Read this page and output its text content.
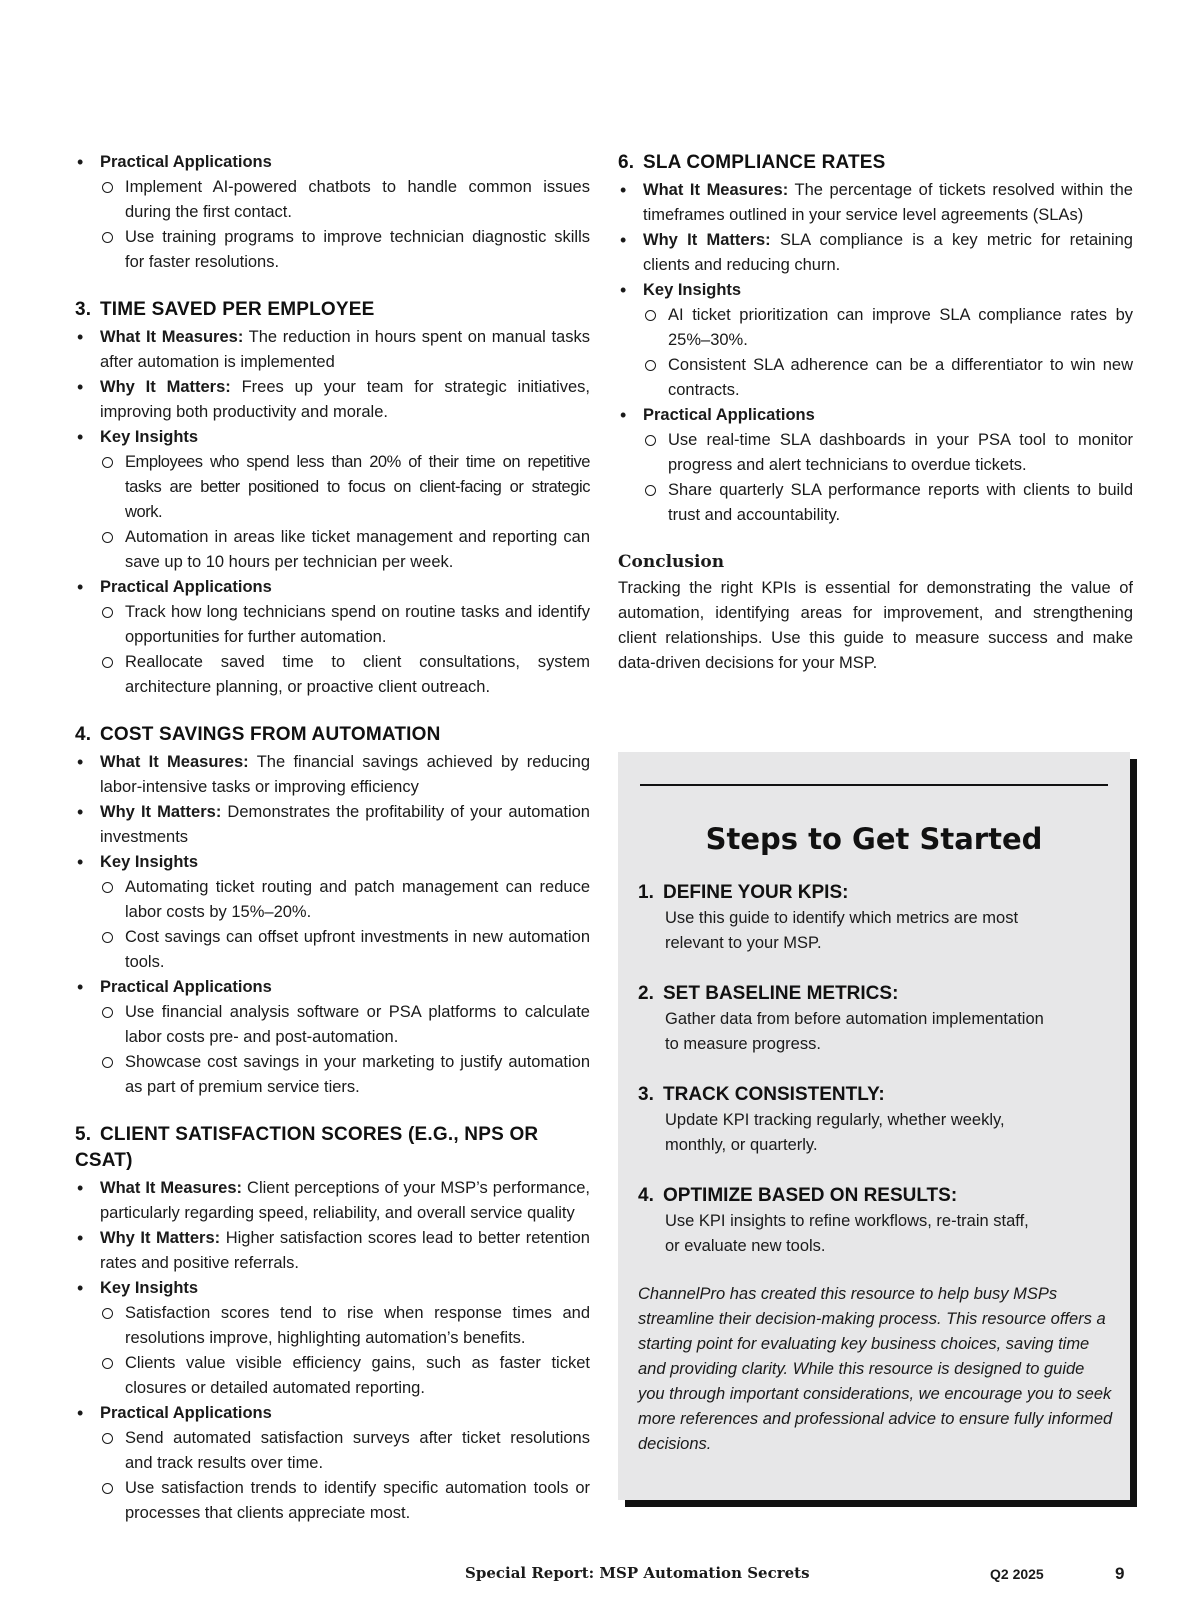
• Practical Applications
Implement AI-powered chatbots to handle common issues during the first contact.
Use training programs to improve technician diagnostic skills for faster resolutions.
3. TIME SAVED PER EMPLOYEE
• What It Measures: The reduction in hours spent on manual tasks after automation is implemented
• Why It Matters: Frees up your team for strategic initiatives, improving both productivity and morale.
• Key Insights
Employees who spend less than 20% of their time on repetitive tasks are better positioned to focus on client-facing or strategic work.
Automation in areas like ticket management and reporting can save up to 10 hours per technician per week.
• Practical Applications
Track how long technicians spend on routine tasks and identify opportunities for further automation.
Reallocate saved time to client consultations, system architecture planning, or proactive client outreach.
4. COST SAVINGS FROM AUTOMATION
• What It Measures: The financial savings achieved by reducing labor-intensive tasks or improving efficiency
• Why It Matters: Demonstrates the profitability of your automation investments
• Key Insights
Automating ticket routing and patch management can reduce labor costs by 15%–20%.
Cost savings can offset upfront investments in new automation tools.
• Practical Applications
Use financial analysis software or PSA platforms to calculate labor costs pre- and post-automation.
Showcase cost savings in your marketing to justify automation as part of premium service tiers.
5. CLIENT SATISFACTION SCORES (E.G., NPS OR CSAT)
• What It Measures: Client perceptions of your MSP’s performance, particularly regarding speed, reliability, and overall service quality
• Why It Matters: Higher satisfaction scores lead to better retention rates and positive referrals.
• Key Insights
Satisfaction scores tend to rise when response times and resolutions improve, highlighting automation’s benefits.
Clients value visible efficiency gains, such as faster ticket closures or detailed automated reporting.
• Practical Applications
Send automated satisfaction surveys after ticket resolutions and track results over time.
Use satisfaction trends to identify specific automation tools or processes that clients appreciate most.
6. SLA COMPLIANCE RATES
• What It Measures: The percentage of tickets resolved within the timeframes outlined in your service level agreements (SLAs)
• Why It Matters: SLA compliance is a key metric for retaining clients and reducing churn.
• Key Insights
AI ticket prioritization can improve SLA compliance rates by 25%–30%.
Consistent SLA adherence can be a differentiator to win new contracts.
• Practical Applications
Use real-time SLA dashboards in your PSA tool to monitor progress and alert technicians to overdue tickets.
Share quarterly SLA performance reports with clients to build trust and accountability.
Conclusion

Tracking the right KPIs is essential for demonstrating the value of automation, identifying areas for improvement, and strengthening client relationships. Use this guide to measure success and make data-driven decisions for your MSP.

Steps to Get Started
1. DEFINE YOUR KPIS:
Use this guide to identify which metrics are most relevant to your MSP.
2. SET BASELINE METRICS:
Gather data from before automation implementation to measure progress.
3. TRACK CONSISTENTLY:
Update KPI tracking regularly, whether weekly, monthly, or quarterly.
4. OPTIMIZE BASED ON RESULTS:
Use KPI insights to refine workflows, re-train staff, or evaluate new tools.
ChannelPro has created this resource to help busy MSPs streamline their decision-making process. This resource offers a starting point for evaluating key business choices, saving time and providing clarity. While this resource is designed to guide you through important considerations, we encourage you to seek more references and professional advice to ensure fully informed decisions.
Special Report: MSP Automation Secrets	Q2 2025	9
